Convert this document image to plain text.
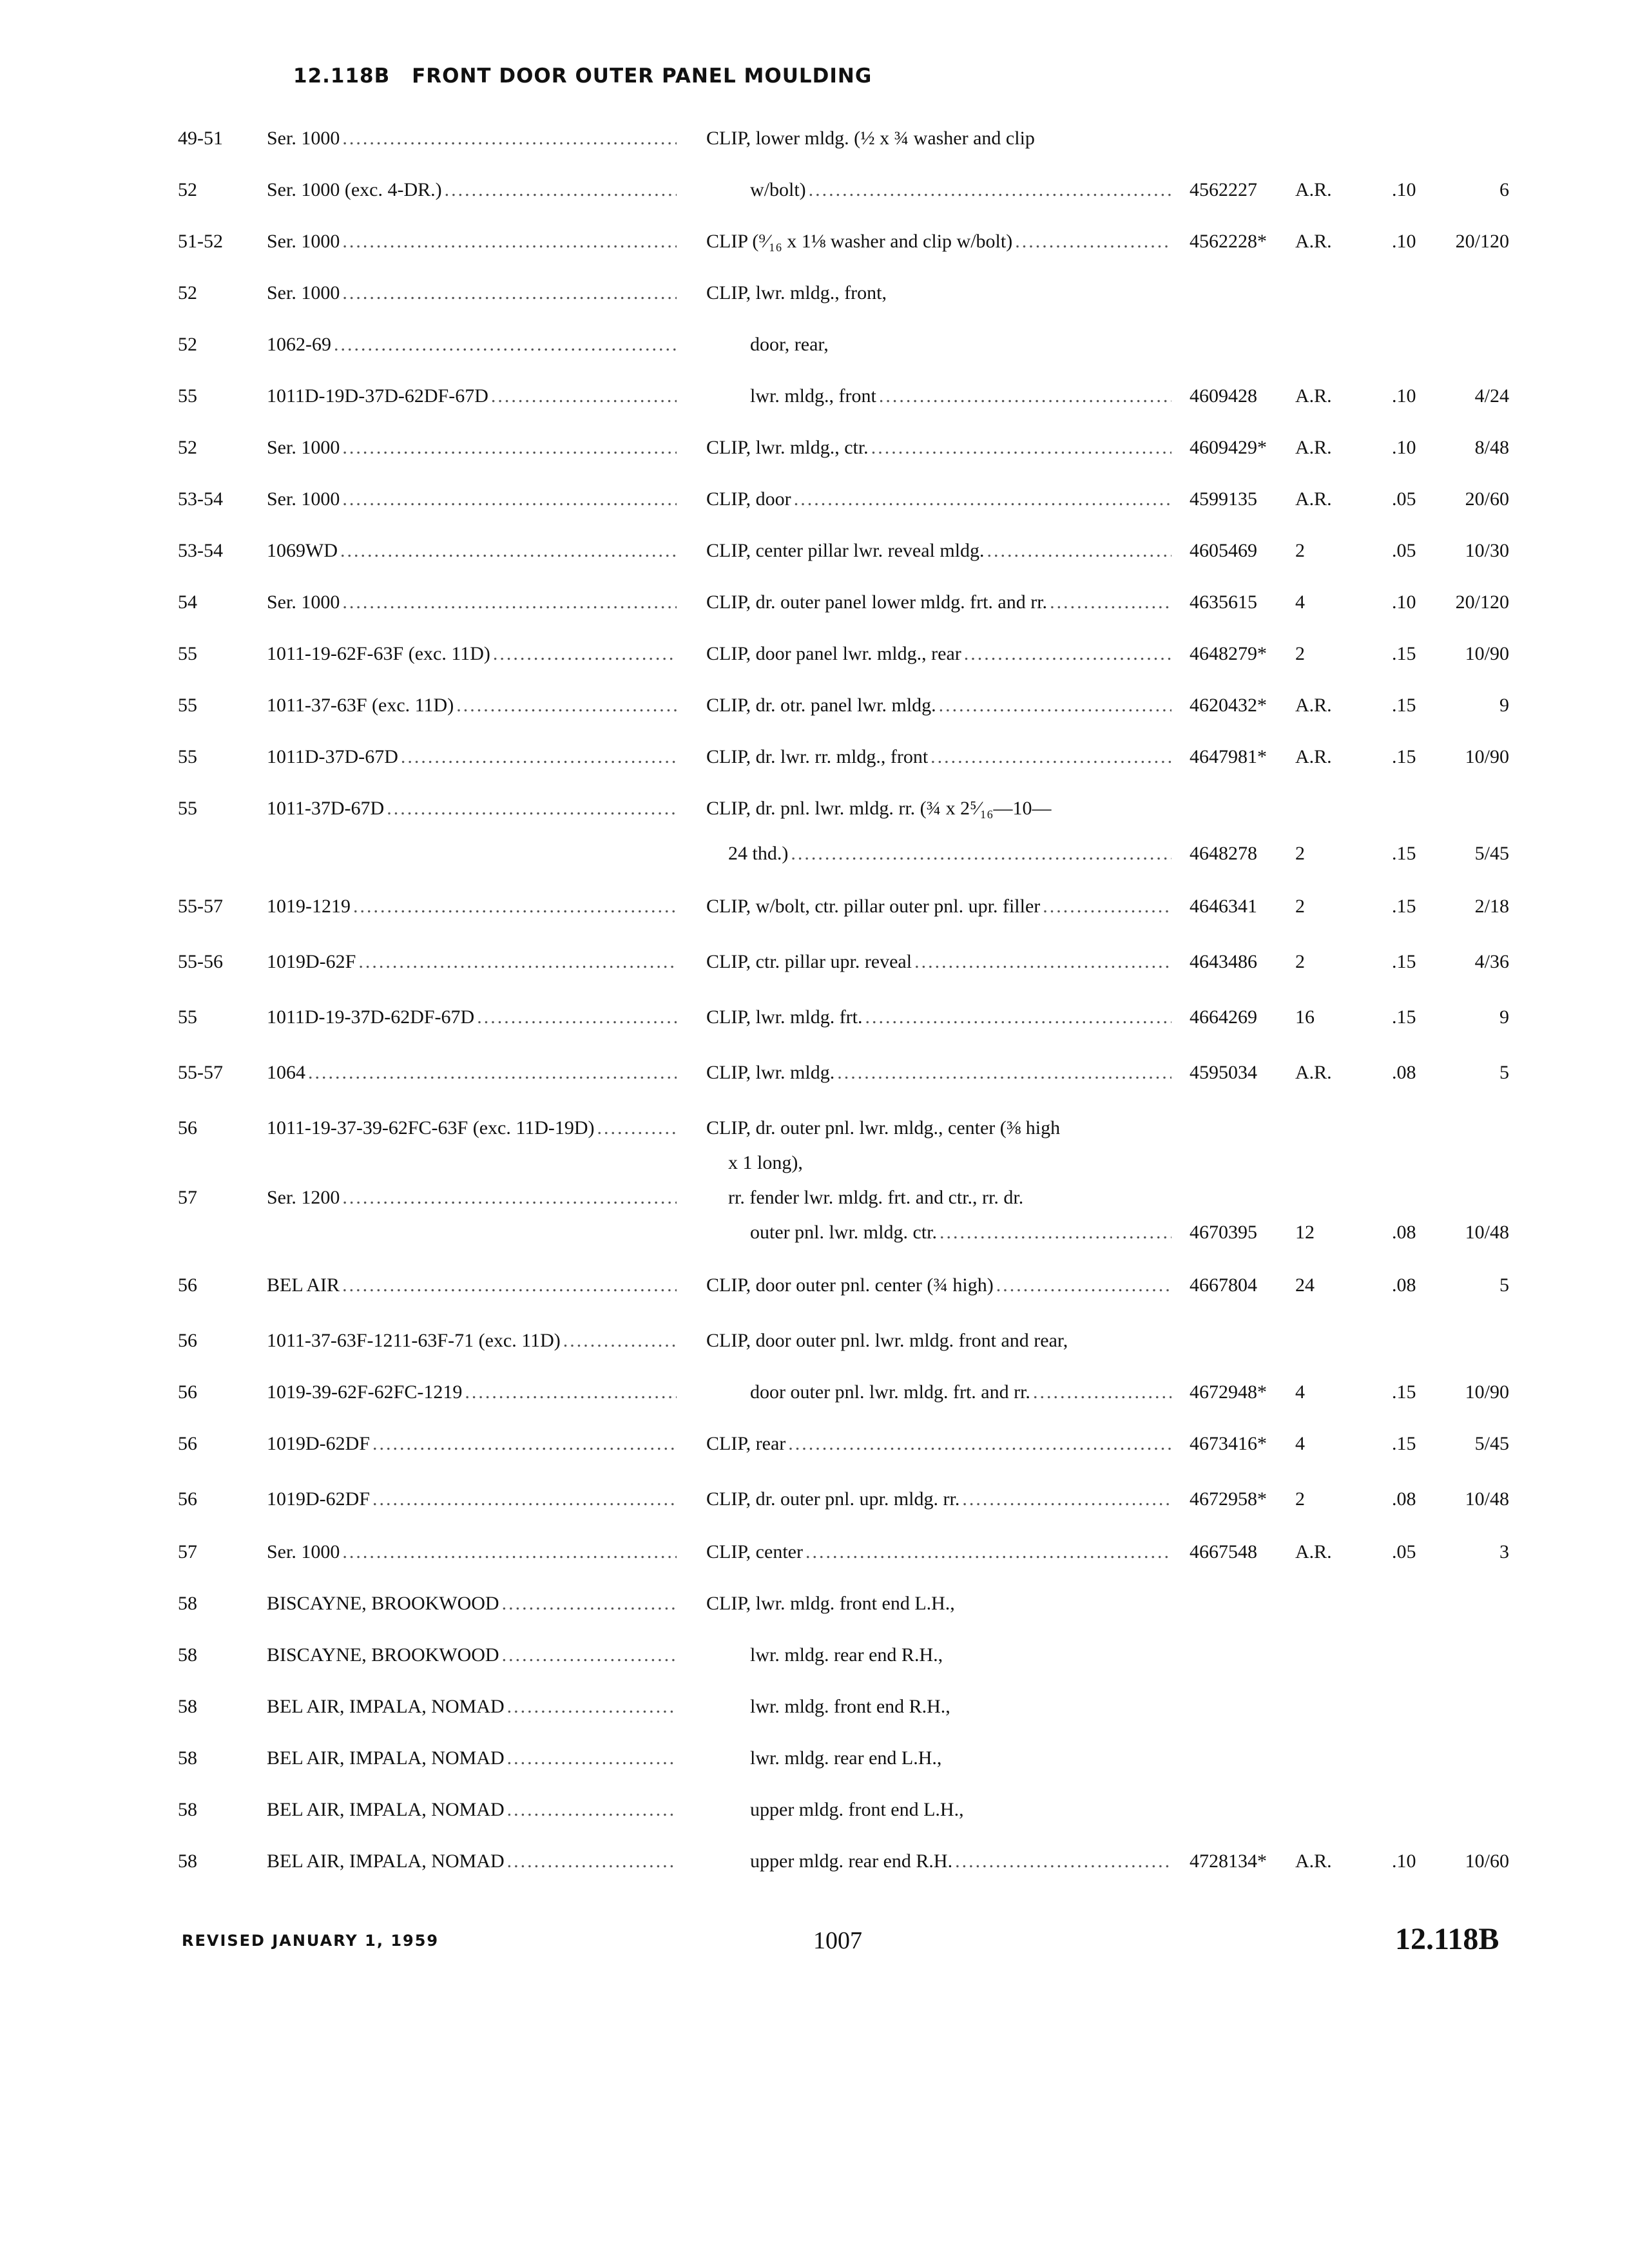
12.118B FRONT DOOR OUTER PANEL MOULDING
49-51	Ser. 1000 .....	CLIP, lower mldg. (½ x ¾ washer and clip
52	Ser. 1000 (exc. 4-DR.) .....	w/bolt) .....	4562227	A.R.	.10	6
51-52	Ser. 1000 .....	CLIP (⁹⁄₁₆ x 1⅛ washer and clip w/bolt) .....	4562228*	A.R.	.10	20/120
52	Ser. 1000 .....	CLIP, lwr. mldg., front,
52	1062-69 .....	door, rear,
55	1011D-19D-37D-62DF-67D .....	lwr. mldg., front .....	4609428	A.R.	.10	4/24
52	Ser. 1000 .....	CLIP, lwr. mldg., ctr. .....	4609429*	A.R.	.10	8/48
53-54	Ser. 1000 .....	CLIP, door .....	4599135	A.R.	.05	20/60
53-54	1069WD .....	CLIP, center pillar lwr. reveal mldg. .....	4605469	2	.05	10/30
54	Ser. 1000 .....	CLIP, dr. outer panel lower mldg. frt. and rr. .....	4635615	4	.10	20/120
55	1011-19-62F-63F (exc. 11D) .....	CLIP, door panel lwr. mldg., rear .....	4648279*	2	.15	10/90
55	1011-37-63F (exc. 11D) .....	CLIP, dr. otr. panel lwr. mldg. .....	4620432*	A.R.	.15	9
55	1011D-37D-67D .....	CLIP, dr. lwr. rr. mldg., front .....	4647981*	A.R.	.15	10/90
55	1011-37D-67D .....	CLIP, dr. pnl. lwr. mldg. rr. (¾ x 2⁵⁄₁₆—10—
24 thd.) .....	4648278	2	.15	5/45
55-57	1019-1219 .....	CLIP, w/bolt, ctr. pillar outer pnl. upr. filler .....	4646341	2	.15	2/18
55-56	1019D-62F .....	CLIP, ctr. pillar upr. reveal .....	4643486	2	.15	4/36
55	1011D-19-37D-62DF-67D .....	CLIP, lwr. mldg. frt. .....	4664269	16	.15	9
55-57	1064 .....	CLIP, lwr. mldg. .....	4595034	A.R.	.08	5
56	1011-19-37-39-62FC-63F (exc. 11D-19D) .....	CLIP, dr. outer pnl. lwr. mldg., center (⅜ high
x 1 long),
57	Ser. 1200 .....	rr. fender lwr. mldg. frt. and ctr., rr. dr.
outer pnl. lwr. mldg. ctr. .....	4670395	12	.08	10/48
56	BEL AIR .....	CLIP, door outer pnl. center (¾ high) .....	4667804	24	.08	5
56	1011-37-63F-1211-63F-71 (exc. 11D) .....	CLIP, door outer pnl. lwr. mldg. front and rear,
56	1019-39-62F-62FC-1219 .....	door outer pnl. lwr. mldg. frt. and rr. .....	4672948*	4	.15	10/90
56	1019D-62DF .....	CLIP, rear .....	4673416*	4	.15	5/45
56	1019D-62DF .....	CLIP, dr. outer pnl. upr. mldg. rr. .....	4672958*	2	.08	10/48
57	Ser. 1000 .....	CLIP, center .....	4667548	A.R.	.05	3
58	BISCAYNE, BROOKWOOD .....	CLIP, lwr. mldg. front end L.H.,
58	BISCAYNE, BROOKWOOD .....	lwr. mldg. rear end R.H.,
58	BEL AIR, IMPALA, NOMAD .....	lwr. mldg. front end R.H.,
58	BEL AIR, IMPALA, NOMAD .....	lwr. mldg. rear end L.H.,
58	BEL AIR, IMPALA, NOMAD .....	upper mldg. front end L.H.,
58	BEL AIR, IMPALA, NOMAD .....	upper mldg. rear end R.H. .....	4728134*	A.R.	.10	10/60
REVISED JANUARY 1, 1959	1007	12.118B
